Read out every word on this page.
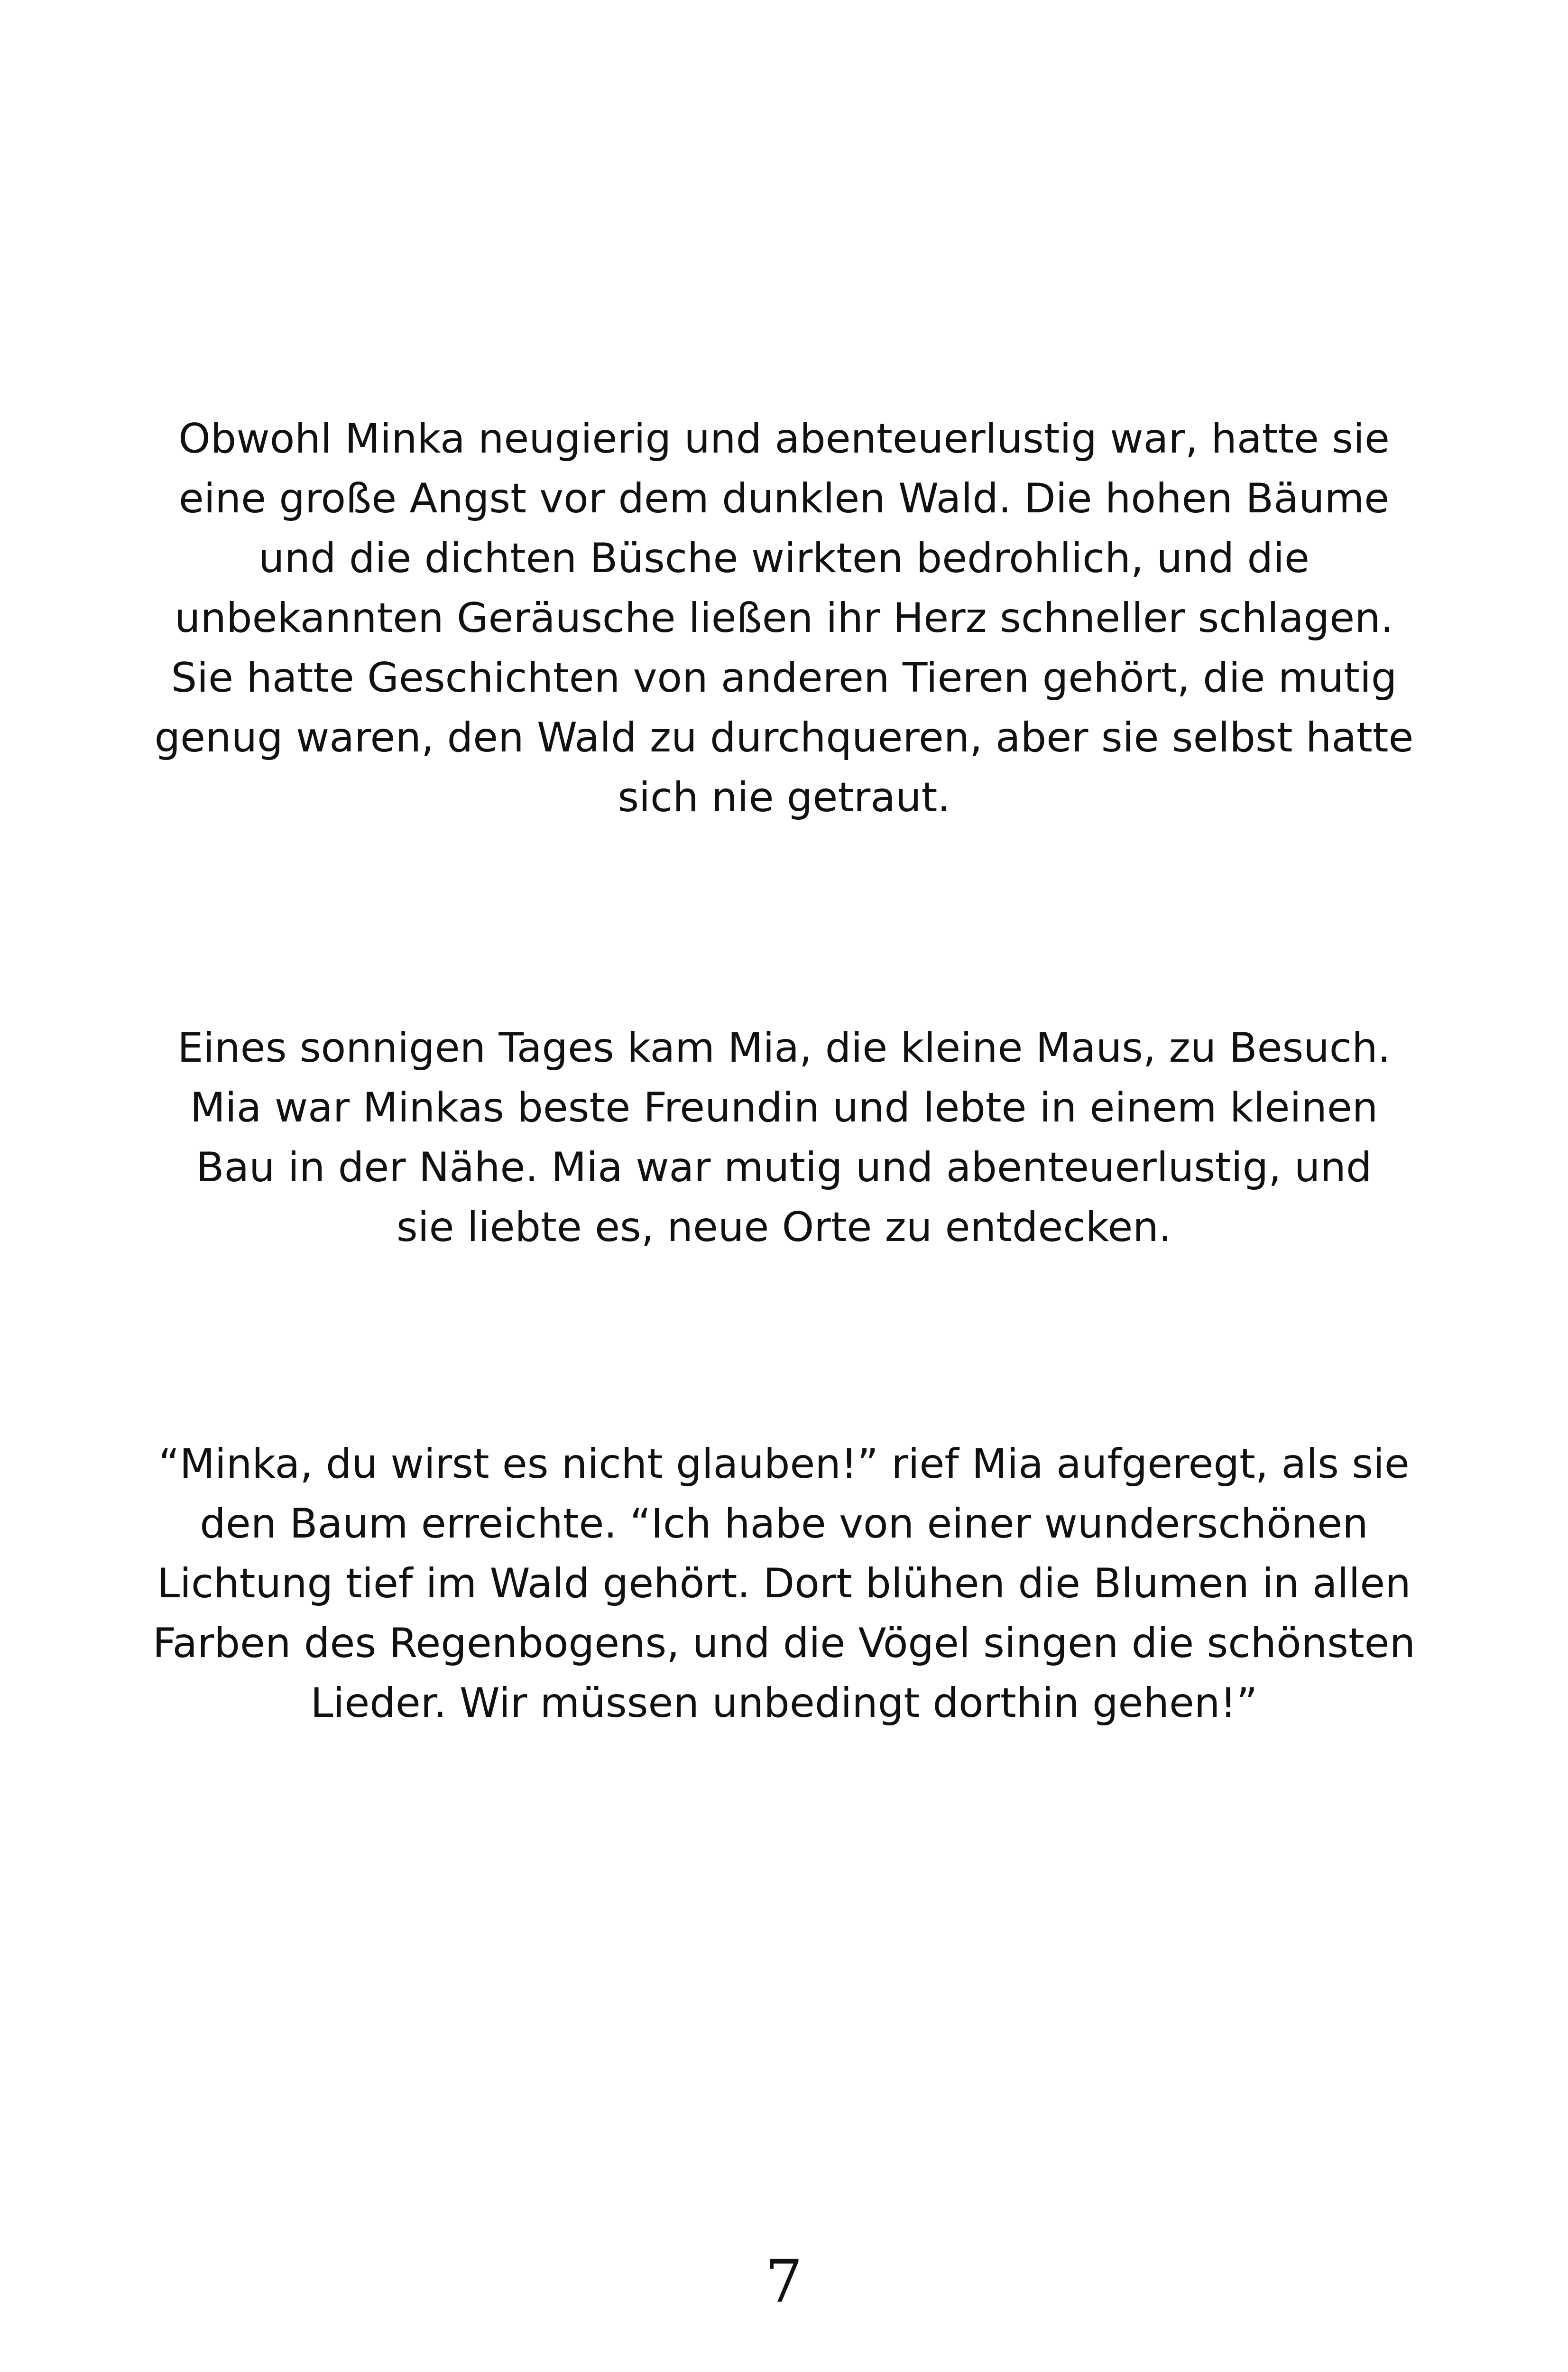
Obwohl Minka neugierig und abenteuerlustig war, hatte sie
eine große Angst vor dem dunklen Wald. Die hohen Bäume
und die dichten Büsche wirkten bedrohlich, und die
unbekannten Geräusche ließen ihr Herz schneller schlagen.
Sie hatte Geschichten von anderen Tieren gehört, die mutig
genug waren, den Wald zu durchqueren, aber sie selbst hatte
sich nie getraut.

Eines sonnigen Tages kam Mia, die kleine Maus, zu Besuch.
Mia war Minkas beste Freundin und lebte in einem kleinen
Bau in der Nähe. Mia war mutig und abenteuerlustig, und
sie liebte es, neue Orte zu entdecken.

“Minka, du wirst es nicht glauben!” rief Mia aufgeregt, als sie
den Baum erreichte. “Ich habe von einer wunderschönen
Lichtung tief im Wald gehört. Dort blühen die Blumen in allen
Farben des Regenbogens, und die Vögel singen die schönsten
Lieder. Wir müssen unbedingt dorthin gehen!”

7
